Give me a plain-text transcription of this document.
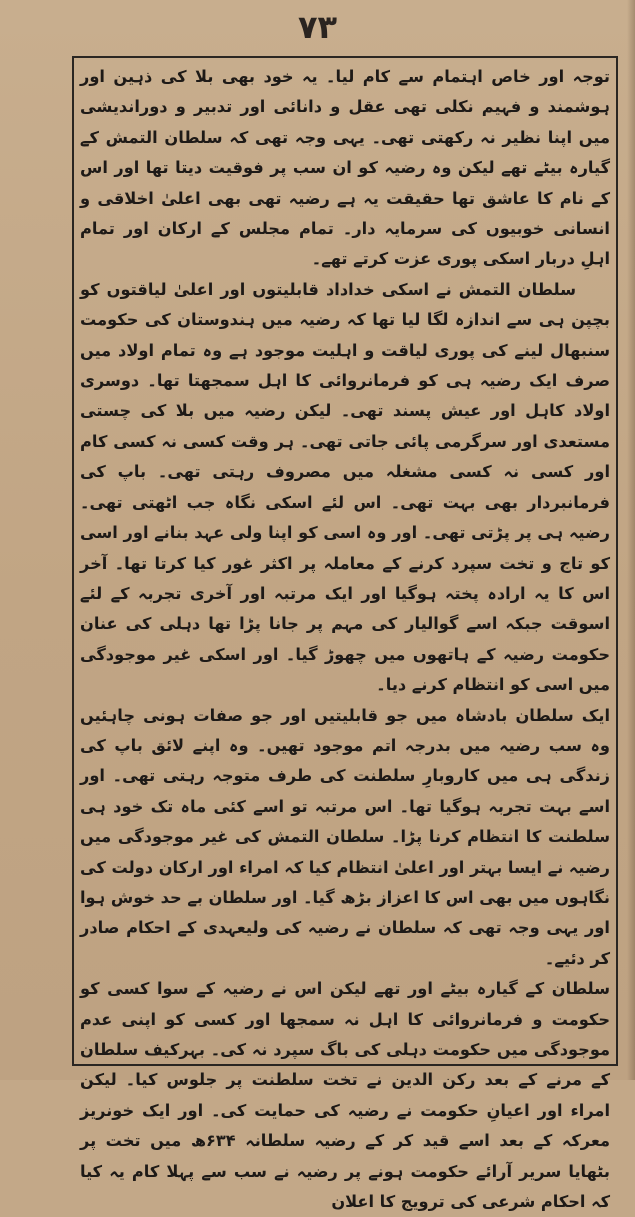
۷۳

توجہ اور خاص اہتمام سے کام لیا۔ یہ خود بھی بلا کی ذہین اور ہوشمند و فہیم نکلی تھی عقل و دانائی اور تدبیر و دوراندیشی میں اپنا نظیر نہ رکھتی تھی۔ یہی وجہ تھی کہ سلطان التمش کے گیارہ بیٹے تھے لیکن وہ رضیہ کو ان سب پر فوقیت دیتا تھا اور اس کے نام کا عاشق تھا حقیقت یہ ہے رضیہ تھی بھی اعلیٰ اخلاقی و انسانی خوبیوں کی سرمایہ دار۔ تمام مجلس کے ارکان اور تمام اہلِ دربار اسکی پوری عزت کرتے تھے۔

سلطان التمش نے اسکی خداداد قابلیتوں اور اعلیٰ لیاقتوں کو بچپن ہی سے اندازہ لگا لیا تھا کہ رضیہ میں ہندوستان کی حکومت سنبھال لینے کی پوری لیاقت و اہلیت موجود ہے وہ تمام اولاد میں صرف ایک رضیہ ہی کو فرمانروائی کا اہل سمجھتا تھا۔ دوسری اولاد کاہل اور عیش پسند تھی۔ لیکن رضیہ میں بلا کی چستی مستعدی اور سرگرمی پائی جاتی تھی۔ ہر وقت کسی نہ کسی کام اور کسی نہ کسی مشغلہ میں مصروف رہتی تھی۔ باپ کی فرمانبردار بھی بہت تھی۔ اس لئے اسکی نگاہ جب اٹھتی تھی۔ رضیہ ہی پر پڑتی تھی۔ اور وہ اسی کو اپنا ولی عہد بنانے اور اسی کو تاج و تخت سپرد کرنے کے معاملہ پر اکثر غور کیا کرتا تھا۔ آخر اس کا یہ ارادہ پختہ ہوگیا اور ایک مرتبہ اور آخری تجربہ کے لئے اسوقت جبکہ اسے گوالیار کی مہم پر جانا پڑا تھا دہلی کی عنان حکومت رضیہ کے ہاتھوں میں چھوڑ گیا۔ اور اسکی غیر موجودگی میں اسی کو انتظام کرنے دیا۔

ایک سلطان بادشاہ میں جو قابلیتیں اور جو صفات ہونی چاہئیں وہ سب رضیہ میں بدرجہ اتم موجود تھیں۔ وہ اپنے لائق باپ کی زندگی ہی میں کاروبارِ سلطنت کی طرف متوجہ رہتی تھی۔ اور اسے بہت تجربہ ہوگیا تھا۔ اس مرتبہ تو اسے کئی ماہ تک خود ہی سلطنت کا انتظام کرنا پڑا۔ سلطان التمش کی غیر موجودگی میں رضیہ نے ایسا بہتر اور اعلیٰ انتظام کیا کہ امراء اور ارکان دولت کی نگاہوں میں بھی اس کا اعزاز بڑھ گیا۔ اور سلطان بے حد خوش ہوا اور یہی وجہ تھی کہ سلطان نے رضیہ کی ولیعہدی کے احکام صادر کر دئیے۔

سلطان کے گیارہ بیٹے اور تھے لیکن اس نے رضیہ کے سوا کسی کو حکومت و فرمانروائی کا اہل نہ سمجھا اور کسی کو اپنی عدم موجودگی میں حکومت دہلی کی باگ سپرد نہ کی۔ بہرکیف سلطان کے مرنے کے بعد رکن الدین نے تخت سلطنت پر جلوس کیا۔ لیکن امراء اور اعیانِ حکومت نے رضیہ کی حمایت کی۔ اور ایک خونریز معرکہ کے بعد اسے قید کر کے رضیہ سلطانہ ۶۳۴ھ میں تخت پر بٹھایا سریر آرائے حکومت ہونے پر رضیہ نے سب سے پہلا کام یہ کیا کہ احکام شرعی کی ترویج کا اعلان
